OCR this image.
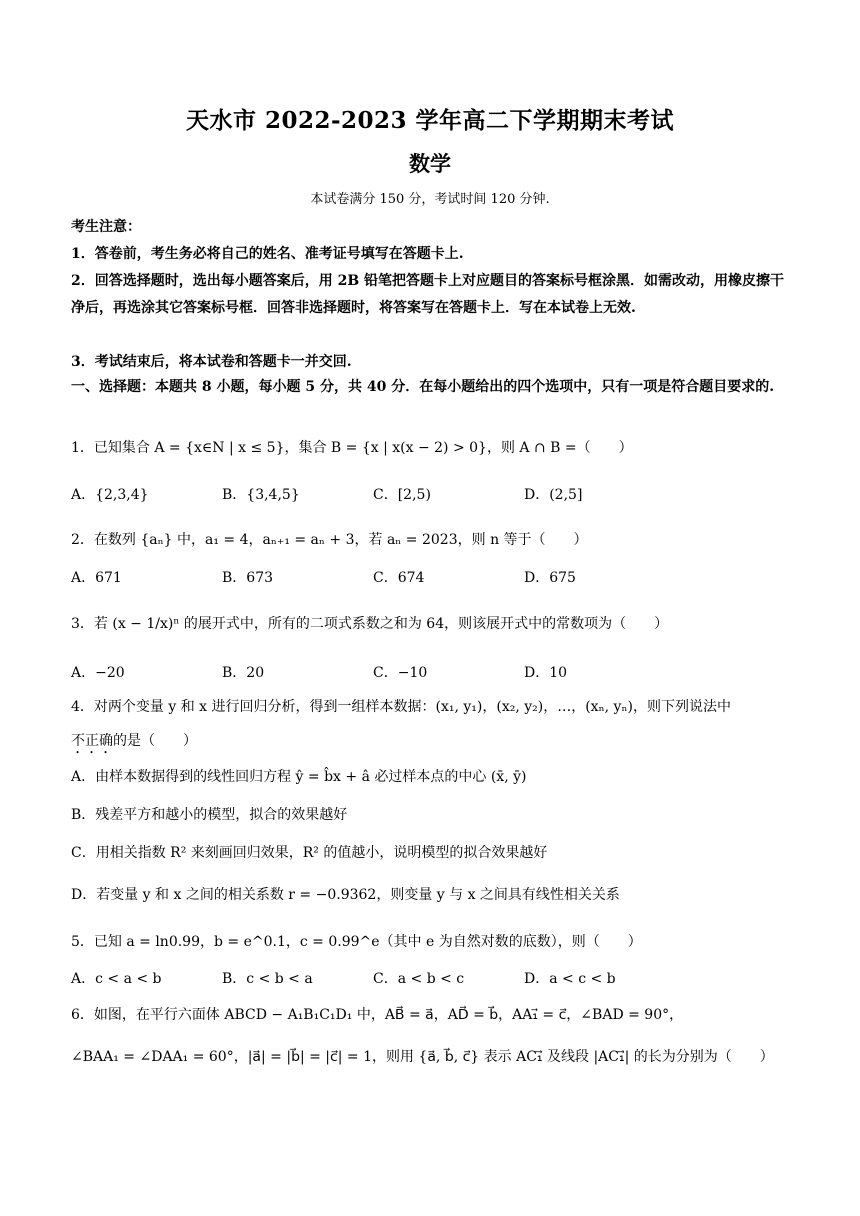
天水市 2022-2023 学年高二下学期期末考试
数学
本试卷满分 150 分，考试时间 120 分钟.
考生注意：
1．答卷前，考生务必将自己的姓名、准考证号填写在答题卡上.
2．回答选择题时，选出每小题答案后，用 2B 铅笔把答题卡上对应题目的答案标号框涂黑．如需改动，用橡皮擦干净后，再选涂其它答案标号框．回答非选择题时，将答案写在答题卡上．写在本试卷上无效.
3．考试结束后，将本试卷和答题卡一并交回.
一、选择题：本题共 8 小题，每小题 5 分，共 40 分．在每小题给出的四个选项中，只有一项是符合题目要求的.
1．已知集合 A = {x∈N | x ≤ 5}，集合 B = {x | x(x − 2) > 0}，则 A ∩ B =（　　）
A．{2,3,4}	B．{3,4,5}	C．[2,5)	D．(2,5]
2．在数列 {aₙ} 中，a₁ = 4，aₙ₊₁ = aₙ + 3，若 aₙ = 2023，则 n 等于（　　）
A．671	B．673	C．674	D．675
3．若 (x − 1/x)ⁿ 的展开式中，所有的二项式系数之和为 64，则该展开式中的常数项为（　　）
A．−20	B．20	C．−10	D．10
4．对两个变量 y 和 x 进行回归分析，得到一组样本数据：(x₁, y₁)，(x₂, y₂)，…，(xₙ, yₙ)，则下列说法中
不正确的是（　　）
A．由样本数据得到的线性回归方程 ŷ = b̂x + â 必过样本点的中心 (x̄, ȳ)
B．残差平方和越小的模型，拟合的效果越好
C．用相关指数 R² 来刻画回归效果，R² 的值越小，说明模型的拟合效果越好
D．若变量 y 和 x 之间的相关系数 r = −0.9362，则变量 y 与 x 之间具有线性相关关系
5．已知 a = ln0.99，b = e^0.1，c = 0.99^e（其中 e 为自然对数的底数），则（　　）
A．c < a < b	B．c < b < a	C．a < b < c	D．a < c < b
6．如图，在平行六面体 ABCD − A₁B₁C₁D₁ 中，AB⃗ = a⃗，AD⃗ = b⃗，AA₁⃗ = c⃗，∠BAD = 90°，
∠BAA₁ = ∠DAA₁ = 60°，|a⃗| = |b⃗| = |c⃗| = 1，则用 {a⃗, b⃗, c⃗} 表示 AC₁⃗ 及线段 |AC₁⃗| 的长为分别为（　　）
